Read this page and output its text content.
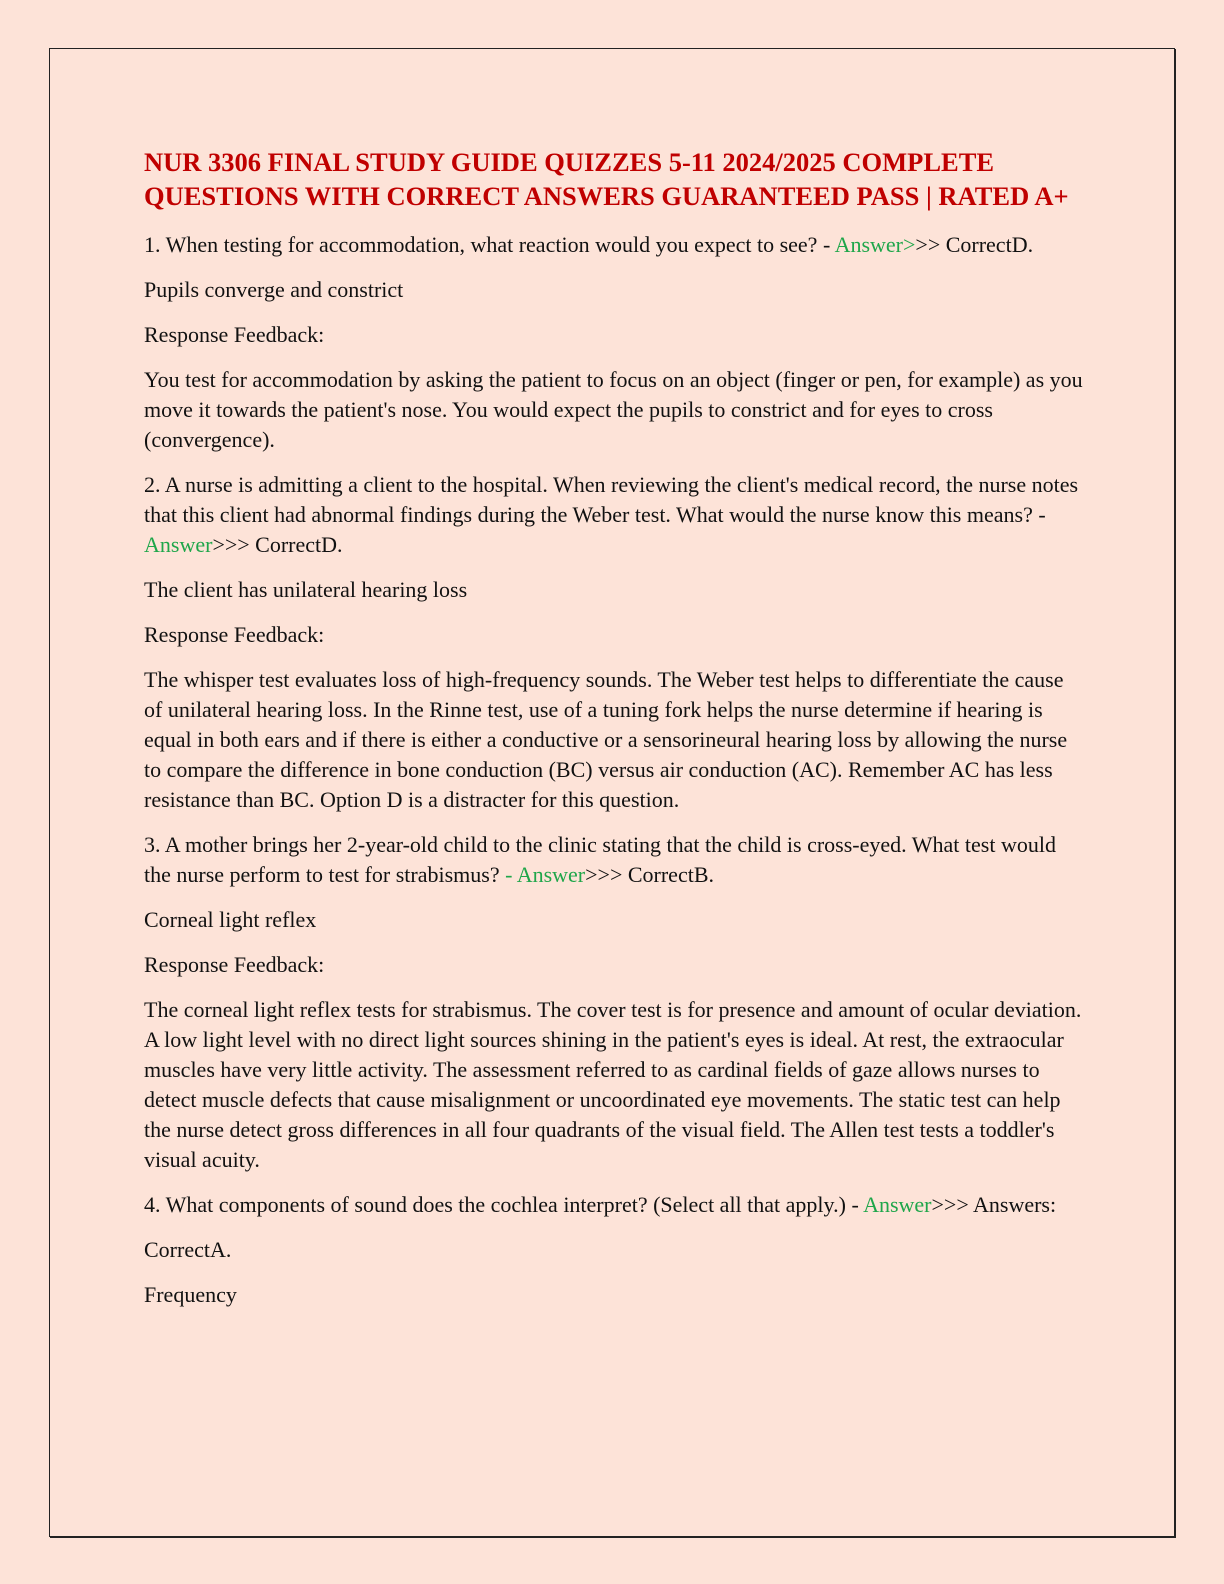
NUR 3306 FINAL STUDY GUIDE QUIZZES 5-11 2024/2025 COMPLETE QUESTIONS WITH CORRECT ANSWERS GUARANTEED PASS | RATED A+

1. When testing for accommodation, what reaction would you expect to see? - Answer>>> CorrectD.

Pupils converge and constrict

Response Feedback:

You test for accommodation by asking the patient to focus on an object (finger or pen, for example) as you move it towards the patient's nose. You would expect the pupils to constrict and for eyes to cross (convergence).

2. A nurse is admitting a client to the hospital. When reviewing the client's medical record, the nurse notes that this client had abnormal findings during the Weber test. What would the nurse know this means? - Answer>>> CorrectD.

The client has unilateral hearing loss

Response Feedback:

The whisper test evaluates loss of high-frequency sounds. The Weber test helps to differentiate the cause of unilateral hearing loss. In the Rinne test, use of a tuning fork helps the nurse determine if hearing is equal in both ears and if there is either a conductive or a sensorineural hearing loss by allowing the nurse to compare the difference in bone conduction (BC) versus air conduction (AC). Remember AC has less resistance than BC. Option D is a distracter for this question.

3. A mother brings her 2-year-old child to the clinic stating that the child is cross-eyed. What test would the nurse perform to test for strabismus? - Answer>>> CorrectB.

Corneal light reflex

Response Feedback:

The corneal light reflex tests for strabismus. The cover test is for presence and amount of ocular deviation. A low light level with no direct light sources shining in the patient's eyes is ideal. At rest, the extraocular muscles have very little activity. The assessment referred to as cardinal fields of gaze allows nurses to detect muscle defects that cause misalignment or uncoordinated eye movements. The static test can help the nurse detect gross differences in all four quadrants of the visual field. The Allen test tests a toddler's visual acuity.

4. What components of sound does the cochlea interpret? (Select all that apply.) - Answer>>> Answers:

CorrectA.

Frequency
